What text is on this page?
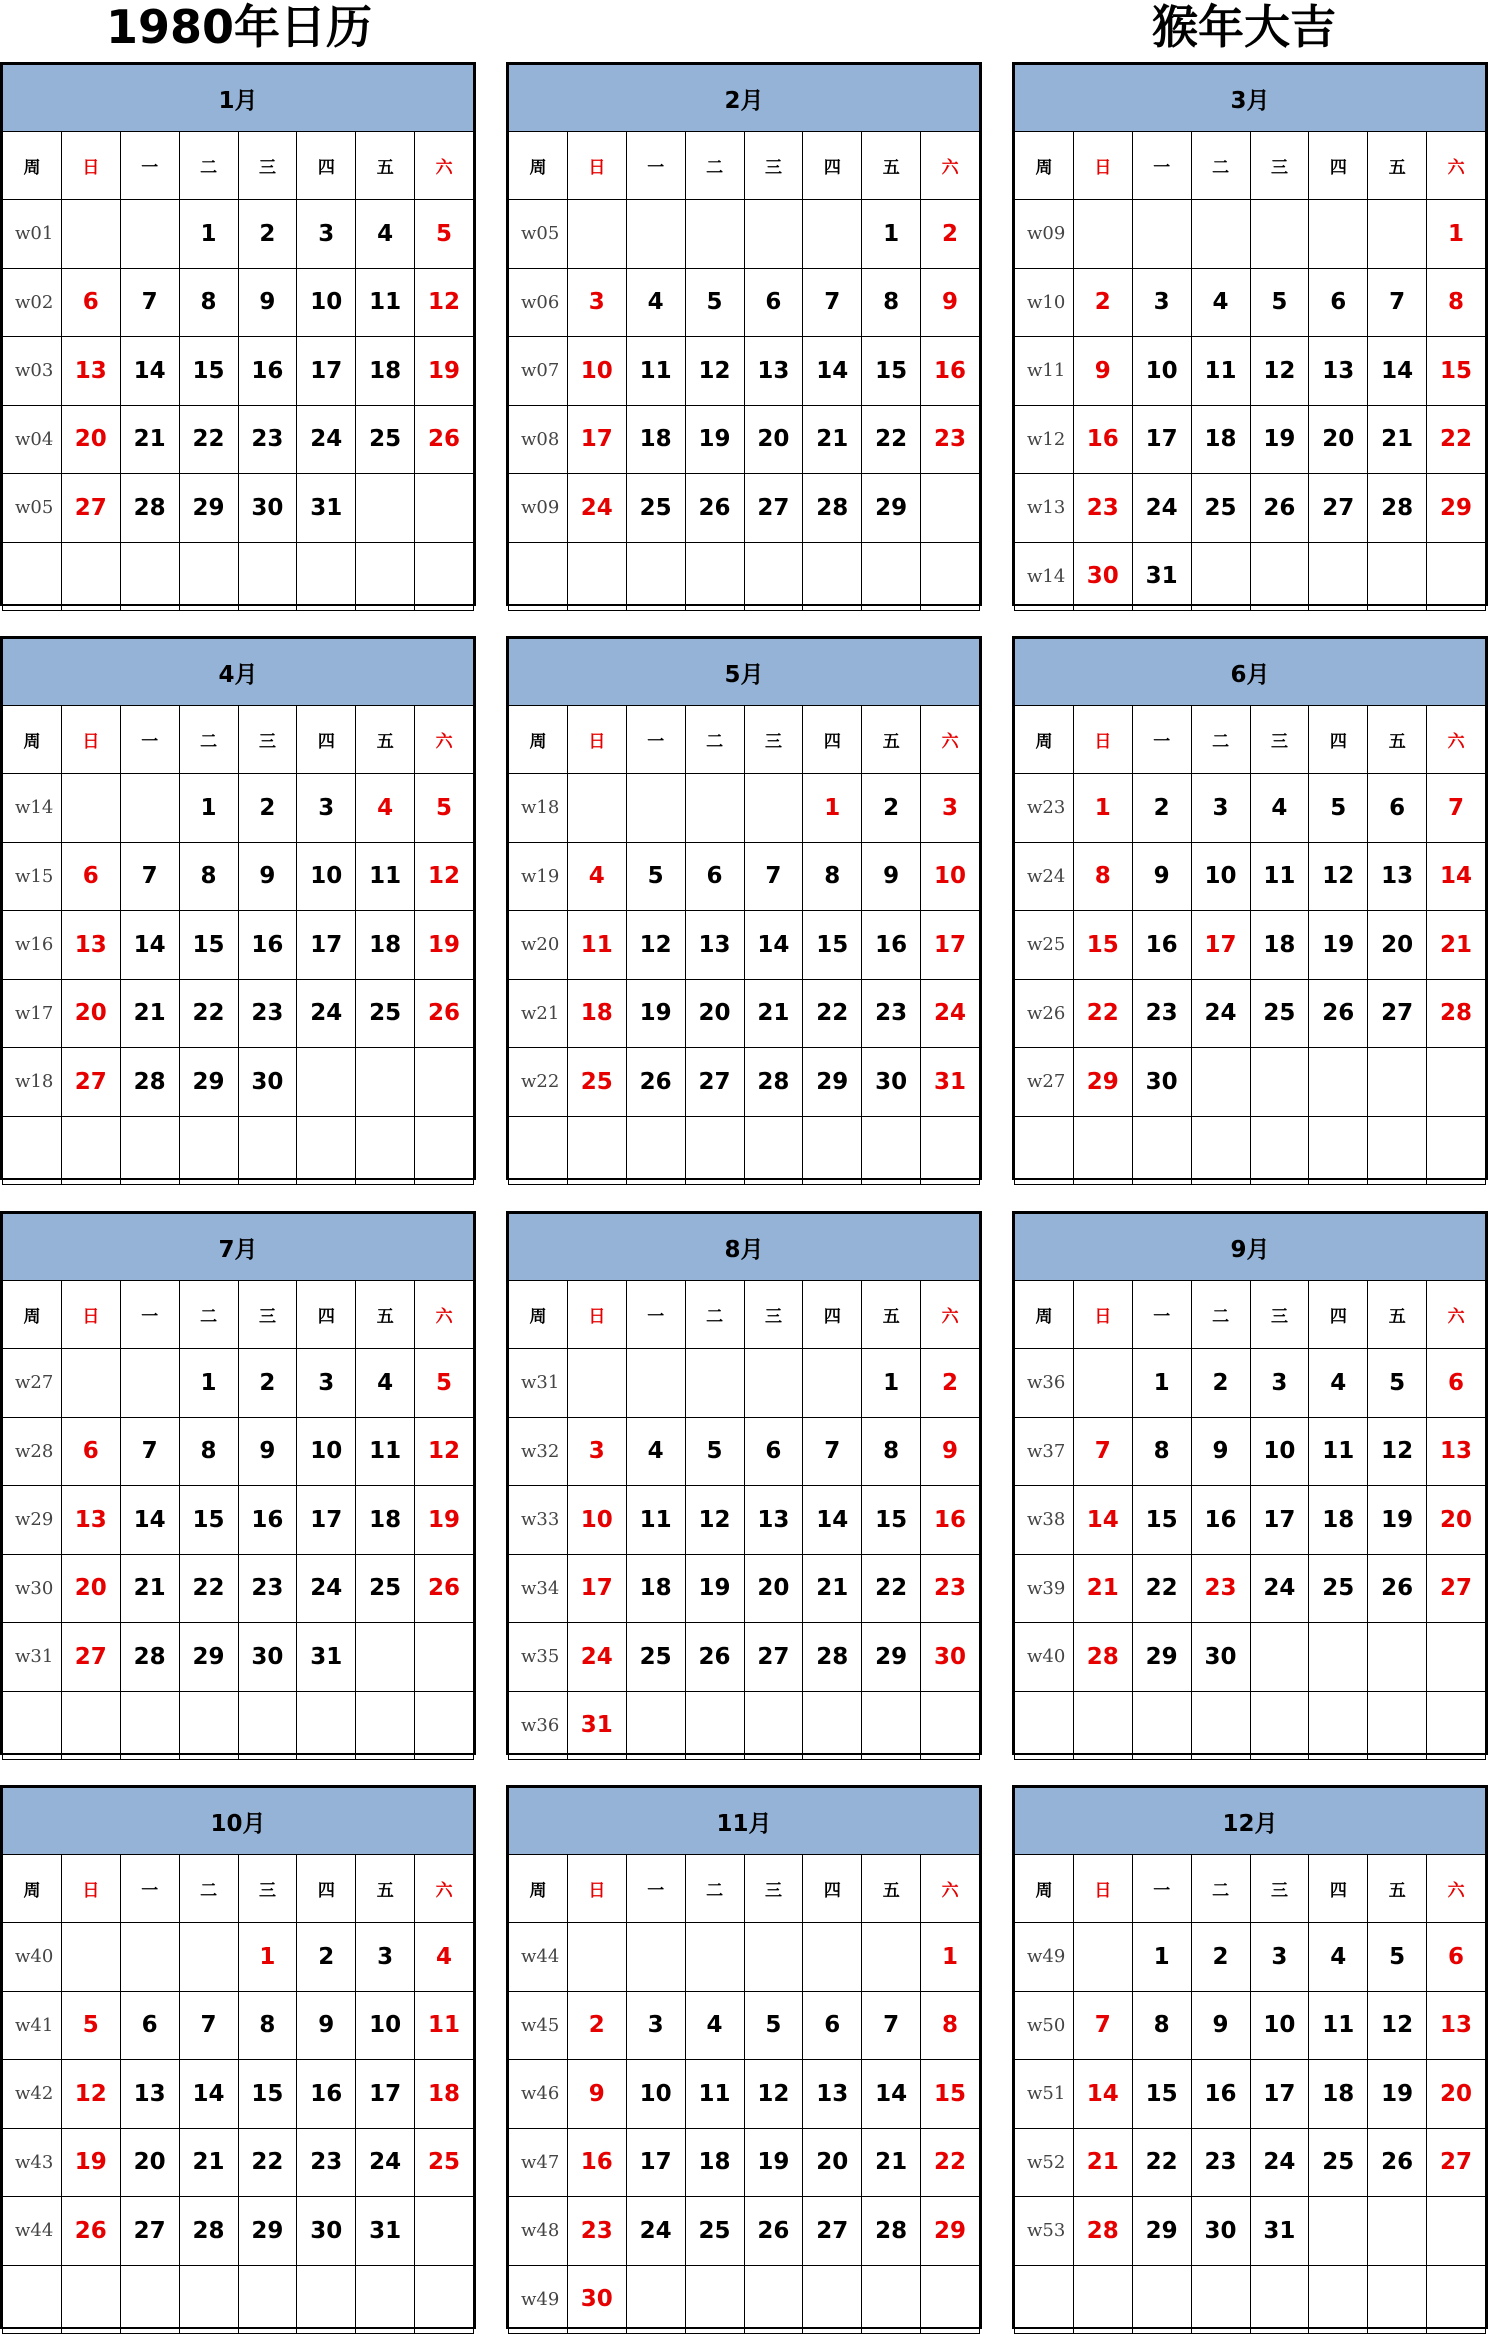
1980年日历	猴年大吉
1月							
周	日	一	二	三	四	五	六
w01			1	2	3	4	5
w02	6	7	8	9	10	11	12
w03	13	14	15	16	17	18	19
w04	20	21	22	23	24	25	26
w05	27	28	29	30	31		

2月							
周	日	一	二	三	四	五	六
w05						1	2
w06	3	4	5	6	7	8	9
w07	10	11	12	13	14	15	16
w08	17	18	19	20	21	22	23
w09	24	25	26	27	28	29	

3月							
周	日	一	二	三	四	五	六
w09							1
w10	2	3	4	5	6	7	8
w11	9	10	11	12	13	14	15
w12	16	17	18	19	20	21	22
w13	23	24	25	26	27	28	29
w14	30	31					
4月							
周	日	一	二	三	四	五	六
w14			1	2	3	4	5
w15	6	7	8	9	10	11	12
w16	13	14	15	16	17	18	19
w17	20	21	22	23	24	25	26
w18	27	28	29	30			

5月							
周	日	一	二	三	四	五	六
w18					1	2	3
w19	4	5	6	7	8	9	10
w20	11	12	13	14	15	16	17
w21	18	19	20	21	22	23	24
w22	25	26	27	28	29	30	31

6月							
周	日	一	二	三	四	五	六
w23	1	2	3	4	5	6	7
w24	8	9	10	11	12	13	14
w25	15	16	17	18	19	20	21
w26	22	23	24	25	26	27	28
w27	29	30					

7月							
周	日	一	二	三	四	五	六
w27			1	2	3	4	5
w28	6	7	8	9	10	11	12
w29	13	14	15	16	17	18	19
w30	20	21	22	23	24	25	26
w31	27	28	29	30	31		

8月							
周	日	一	二	三	四	五	六
w31						1	2
w32	3	4	5	6	7	8	9
w33	10	11	12	13	14	15	16
w34	17	18	19	20	21	22	23
w35	24	25	26	27	28	29	30
w36	31						
9月							
周	日	一	二	三	四	五	六
w36		1	2	3	4	5	6
w37	7	8	9	10	11	12	13
w38	14	15	16	17	18	19	20
w39	21	22	23	24	25	26	27
w40	28	29	30				

10月							
周	日	一	二	三	四	五	六
w40				1	2	3	4
w41	5	6	7	8	9	10	11
w42	12	13	14	15	16	17	18
w43	19	20	21	22	23	24	25
w44	26	27	28	29	30	31	

11月							
周	日	一	二	三	四	五	六
w44							1
w45	2	3	4	5	6	7	8
w46	9	10	11	12	13	14	15
w47	16	17	18	19	20	21	22
w48	23	24	25	26	27	28	29
w49	30						
12月							
周	日	一	二	三	四	五	六
w49		1	2	3	4	5	6
w50	7	8	9	10	11	12	13
w51	14	15	16	17	18	19	20
w52	21	22	23	24	25	26	27
w53	28	29	30	31			
